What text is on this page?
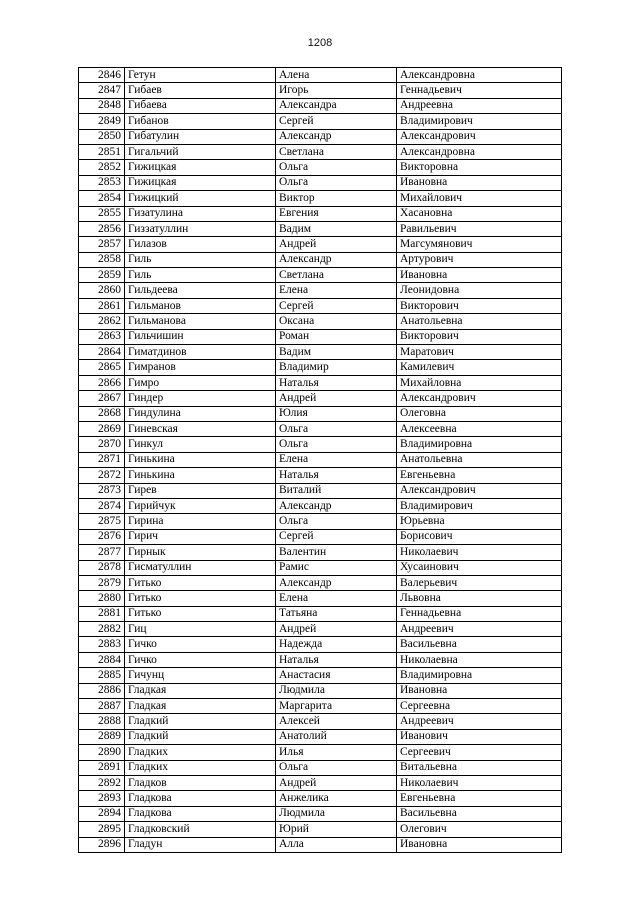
1208
2846	Гетун	Алена	Александровна
2847	Гибаев	Игорь	Геннадьевич
2848	Гибаева	Александра	Андреевна
2849	Гибанов	Сергей	Владимирович
2850	Гибатулин	Александр	Александрович
2851	Гигальчий	Светлана	Александровна
2852	Гижицкая	Ольга	Викторовна
2853	Гижицкая	Ольга	Ивановна
2854	Гижицкий	Виктор	Михайлович
2855	Гизатулина	Евгения	Хасановна
2856	Гиззатуллин	Вадим	Равильевич
2857	Гилазов	Андрей	Магсумянович
2858	Гиль	Александр	Артурович
2859	Гиль	Светлана	Ивановна
2860	Гильдеева	Елена	Леонидовна
2861	Гильманов	Сергей	Викторович
2862	Гильманова	Оксана	Анатольевна
2863	Гильчишин	Роман	Викторович
2864	Гиматдинов	Вадим	Маратович
2865	Гимранов	Владимир	Камилевич
2866	Гимро	Наталья	Михайловна
2867	Гиндер	Андрей	Александрович
2868	Гиндулина	Юлия	Олеговна
2869	Гиневская	Ольга	Алексеевна
2870	Гинкул	Ольга	Владимировна
2871	Гинькина	Елена	Анатольевна
2872	Гинькина	Наталья	Евгеньевна
2873	Гирев	Виталий	Александрович
2874	Гирийчук	Александр	Владимирович
2875	Гирина	Ольга	Юрьевна
2876	Гирич	Сергей	Борисович
2877	Гирнык	Валентин	Николаевич
2878	Гисматуллин	Рамис	Хусаинович
2879	Гитько	Александр	Валерьевич
2880	Гитько	Елена	Львовна
2881	Гитько	Татьяна	Геннадьевна
2882	Гиц	Андрей	Андреевич
2883	Гичко	Надежда	Васильевна
2884	Гичко	Наталья	Николаевна
2885	Гичунц	Анастасия	Владимировна
2886	Гладкая	Людмила	Ивановна
2887	Гладкая	Маргарита	Сергеевна
2888	Гладкий	Алексей	Андреевич
2889	Гладкий	Анатолий	Иванович
2890	Гладких	Илья	Сергеевич
2891	Гладких	Ольга	Витальевна
2892	Гладков	Андрей	Николаевич
2893	Гладкова	Анжелика	Евгеньевна
2894	Гладкова	Людмила	Васильевна
2895	Гладковский	Юрий	Олегович
2896	Гладун	Алла	Ивановна
